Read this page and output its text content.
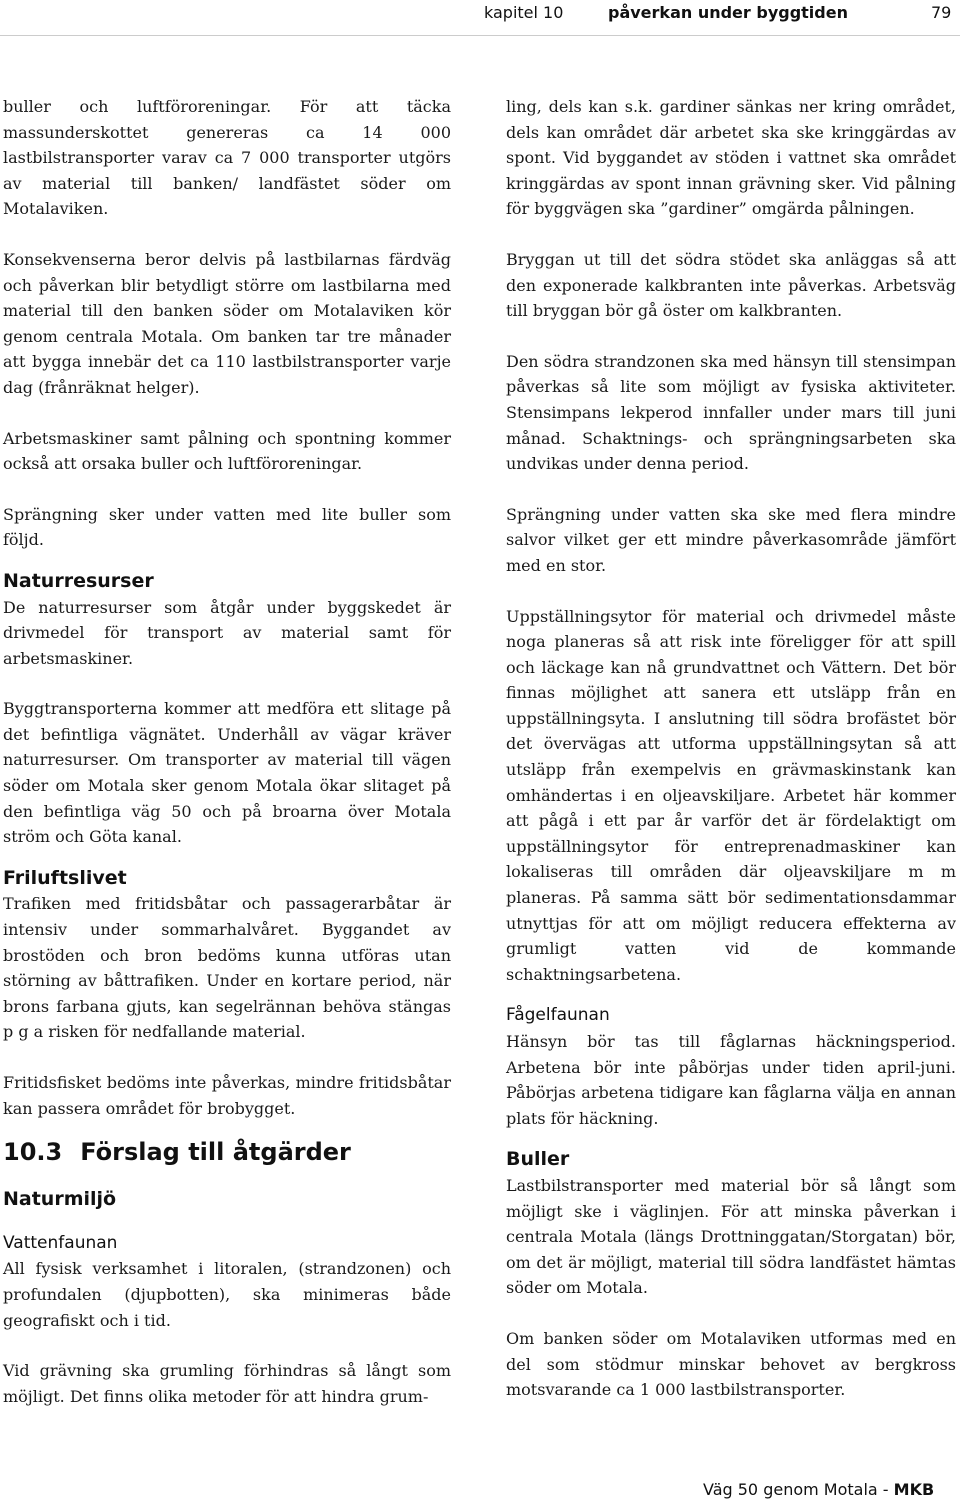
kapitel 10	påverkan under byggtiden	79

buller och luftföroreningar. För att täcka massunderskottet genereras ca 14 000 lastbilstransporter varav ca 7 000 transporter utgörs av material till banken/ landfästet söder om Motalaviken.

Konsekvenserna beror delvis på lastbilarnas färdväg och påverkan blir betydligt större om lastbilarna med material till den banken söder om Motalaviken kör genom centrala Motala. Om banken tar tre månader att bygga innebär det ca 110 lastbilstransporter varje dag (frånräknat helger).

Arbetsmaskiner samt pålning och spontning kommer också att orsaka buller och luftföroreningar.

Sprängning sker under vatten med lite buller som följd.

Naturresurser

De naturresurser som åtgår under byggskedet är drivmedel för transport av material samt för arbetsmaskiner.

Byggtransporterna kommer att medföra ett slitage på det befintliga vägnätet. Underhåll av vägar kräver naturresurser. Om transporter av material till vägen söder om Motala sker genom Motala ökar slitaget på den befintliga väg 50 och på broarna över Motala ström och Göta kanal.

Friluftslivet

Trafiken med fritidsbåtar och passagerarbåtar är intensiv under sommarhalvåret. Byggandet av brostöden och bron bedöms kunna utföras utan störning av båttrafiken. Under en kortare period, när brons farbana gjuts, kan segelrännan behöva stängas p g a risken för nedfallande material.

Fritidsfisket bedöms inte påverkas, mindre fritidsbåtar kan passera området för brobygget.

10.3 Förslag till åtgärder
Naturmiljö
Vattenfaunan

All fysisk verksamhet i litoralen, (strandzonen) och profundalen (djupbotten), ska minimeras både geografiskt och i tid.

Vid grävning ska grumling förhindras så långt som möjligt. Det finns olika metoder för att hindra grum-

ling, dels kan s.k. gardiner sänkas ner kring området, dels kan området där arbetet ska ske kringgärdas av spont. Vid byggandet av stöden i vattnet ska området kringgärdas av spont innan grävning sker. Vid pålning för byggvägen ska ”gardiner” omgärda pålningen.

Bryggan ut till det södra stödet ska anläggas så att den exponerade kalkbranten inte påverkas. Arbetsväg till bryggan bör gå öster om kalkbranten.

Den södra strandzonen ska med hänsyn till stensimpan påverkas så lite som möjligt av fysiska aktiviteter. Stensimpans lekperod innfaller under mars till juni månad. Schaktnings- och sprängningsarbeten ska undvikas under denna period.

Sprängning under vatten ska ske med flera mindre salvor vilket ger ett mindre påverkasområde jämfört med en stor.

Uppställningsytor för material och drivmedel måste noga planeras så att risk inte föreligger för att spill och läckage kan nå grundvattnet och Vättern. Det bör finnas möjlighet att sanera ett utsläpp från en uppställningsyta. I anslutning till södra brofästet bör det övervägas att utforma uppställningsytan så att utsläpp från exempelvis en grävmaskinstank kan omhändertas i en oljeavskiljare. Arbetet här kommer att pågå i ett par år varför det är fördelaktigt om uppställningsytor för entreprenadmaskiner kan lokaliseras till områden där oljeavskiljare m m planeras. På samma sätt bör sedimentationsdammar utnyttjas för att om möjligt reducera effekterna av grumligt vatten vid de kommande schaktningsarbetena.

Fågelfaunan

Hänsyn bör tas till fåglarnas häckningsperiod. Arbetena bör inte påbörjas under tiden april-juni. Påbörjas arbetena tidigare kan fåglarna välja en annan plats för häckning.

Buller

Lastbilstransporter med material bör så långt som möjligt ske i väglinjen. För att minska påverkan i centrala Motala (längs Drottninggatan/Storgatan) bör, om det är möjligt, material till södra landfästet hämtas söder om Motala.

Om banken söder om Motalaviken utformas med en del som stödmur minskar behovet av bergkross motsvarande ca 1 000 lastbilstransporter.

Väg 50 genom Motala - MKB
